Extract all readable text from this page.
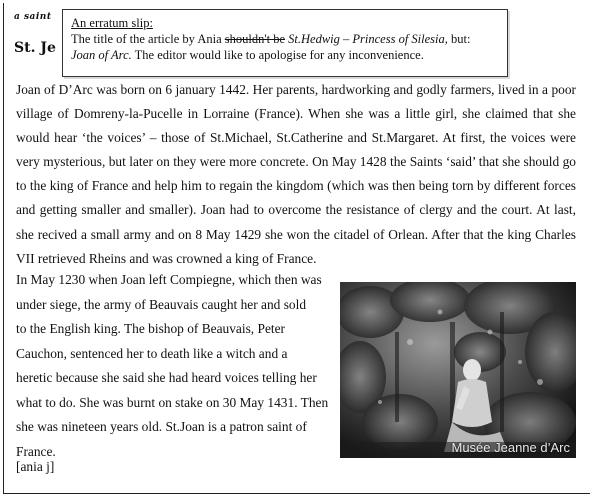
a saint
St. Je
An erratum slip:
The title of the article by Ania shouldn't be St.Hedwig – Princess of Silesia, but:
Joan of Arc. The editor would like to apologise for any inconvenience.
Joan of D’Arc was born on 6 january 1442. Her parents, hardworking and godly farmers, lived in a poor village of Domreny-la-Pucelle in Lorraine (France). When she was a little girl, she claimed that she would hear ‘the voices’ – those of St.Michael, St.Catherine and St.Margaret. At first, the voices were very mysterious, but later on they were more concrete. On May 1428 the Saints ‘said’ that she should go to the king of France and help him to regain the kingdom (which was then being torn by different forces and getting smaller and smaller). Joan had to overcome the resistance of clergy and the court. At last, she recived a small army and on 8 May 1429 she won the citadel of Orlean. After that the king Charles VII retrieved Rheins and was crowned a king of France.
In May 1230 when Joan left Compiegne, which then was
under siege, the army of Beauvais caught her and sold
to the English king. The bishop of Beauvais, Peter
Cauchon, sentenced her to death like a witch and a
heretic because she said she had heard voices telling her
what to do. She was burnt on stake on 30 May 1431. Then
she was nineteen years old. St.Joan is a patron saint of
France.
[ania j]
Musée Jeanne d’Arc
